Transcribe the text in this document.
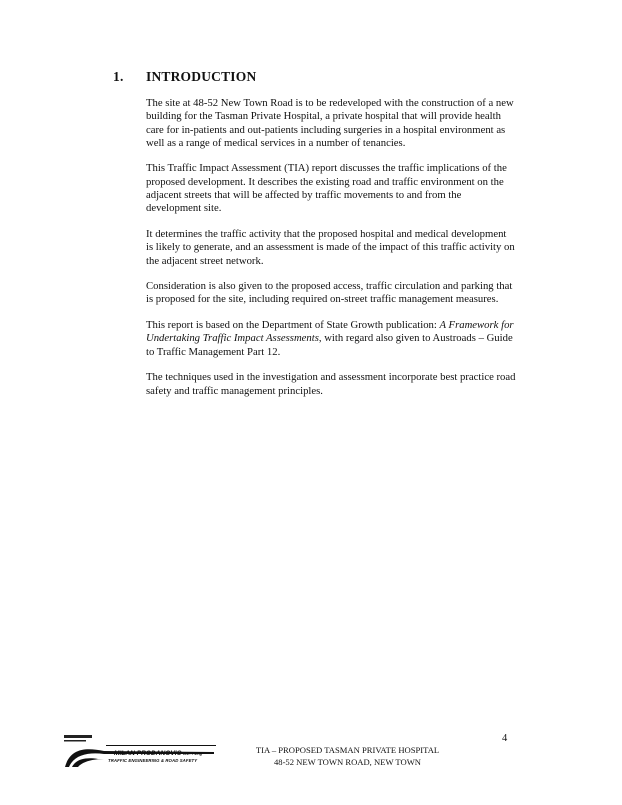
1. INTRODUCTION

The site at 48-52 New Town Road is to be redeveloped with the construction of a new building for the Tasman Private Hospital, a private hospital that will provide health care for in-patients and out-patients including surgeries in a hospital environment as well as a range of medical services in a number of tenancies.

This Traffic Impact Assessment (TIA) report discusses the traffic implications of the proposed development. It describes the existing road and traffic environment on the adjacent streets that will be affected by traffic movements to and from the development site.

It determines the traffic activity that the proposed hospital and medical development is likely to generate, and an assessment is made of the impact of this traffic activity on the adjacent street network.

Consideration is also given to the proposed access, traffic circulation and parking that is proposed for the site, including required on-street traffic management measures.

This report is based on the Department of State Growth publication: A Framework for Undertaking Traffic Impact Assessments, with regard also given to Austroads – Guide to Traffic Management Part 12.

The techniques used in the investigation and assessment incorporate best practice road safety and traffic management principles.

4
MILAN PRODANOVIC B.E. P.Eng
TRAFFIC ENGINEERING & ROAD SAFETY
TIA – PROPOSED TASMAN PRIVATE HOSPITAL
48-52 NEW TOWN ROAD, NEW TOWN
